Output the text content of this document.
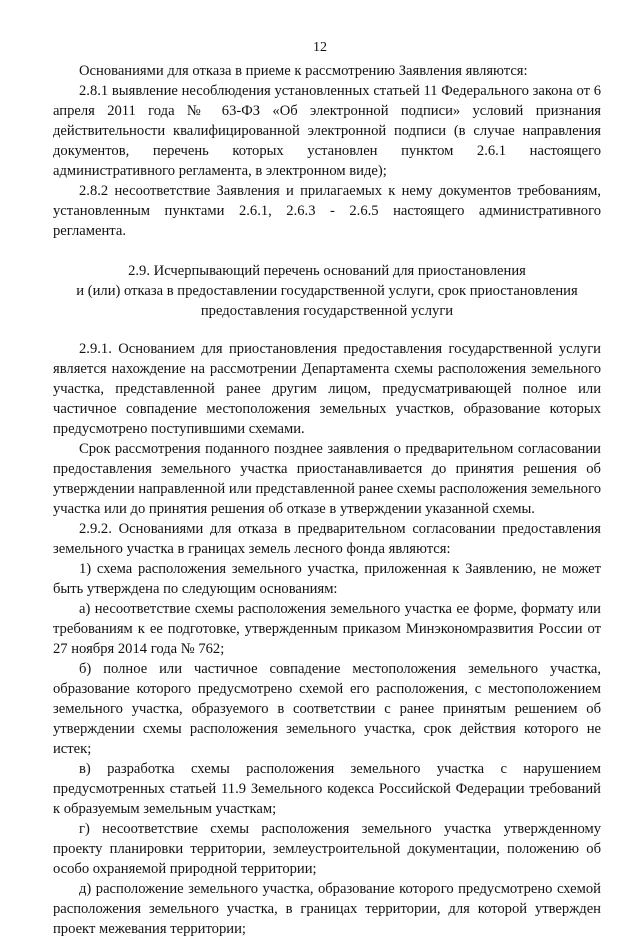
12

Основаниями для отказа в приеме к рассмотрению Заявления являются:

2.8.1 выявление несоблюдения установленных статьей 11 Федерального закона от 6 апреля 2011 года № 63-ФЗ «Об электронной подписи» условий признания действительности квалифицированной электронной подписи (в случае направления документов, перечень которых установлен пунктом 2.6.1 настоящего административного регламента, в электронном виде);

2.8.2 несоответствие Заявления и прилагаемых к нему документов требованиям, установленным пунктами 2.6.1, 2.6.3 - 2.6.5 настоящего административного регламента.

2.9. Исчерпывающий перечень оснований для приостановления
и (или) отказа в предоставлении государственной услуги, срок приостановления
предоставления государственной услуги

2.9.1. Основанием для приостановления предоставления государственной услуги является нахождение на рассмотрении Департамента схемы расположения земельного участка, представленной ранее другим лицом, предусматривающей полное или частичное совпадение местоположения земельных участков, образование которых предусмотрено поступившими схемами.

Срок рассмотрения поданного позднее заявления о предварительном согласовании предоставления земельного участка приостанавливается до принятия решения об утверждении направленной или представленной ранее схемы расположения земельного участка или до принятия решения об отказе в утверждении указанной схемы.

2.9.2. Основаниями для отказа в предварительном согласовании предоставления земельного участка в границах земель лесного фонда являются:

1) схема расположения земельного участка, приложенная к Заявлению, не может быть утверждена по следующим основаниям:

а) несоответствие схемы расположения земельного участка ее форме, формату или требованиям к ее подготовке, утвержденным приказом Минэкономразвития России от 27 ноября 2014 года № 762;

б) полное или частичное совпадение местоположения земельного участка, образование которого предусмотрено схемой его расположения, с местоположением земельного участка, образуемого в соответствии с ранее принятым решением об утверждении схемы расположения земельного участка, срок действия которого не истек;

в) разработка схемы расположения земельного участка с нарушением предусмотренных статьей 11.9 Земельного кодекса Российской Федерации требований к образуемым земельным участкам;

г) несоответствие схемы расположения земельного участка утвержденному проекту планировки территории, землеустроительной документации, положению об особо охраняемой природной территории;

д) расположение земельного участка, образование которого предусмотрено схемой расположения земельного участка, в границах территории, для которой утвержден проект межевания территории;
